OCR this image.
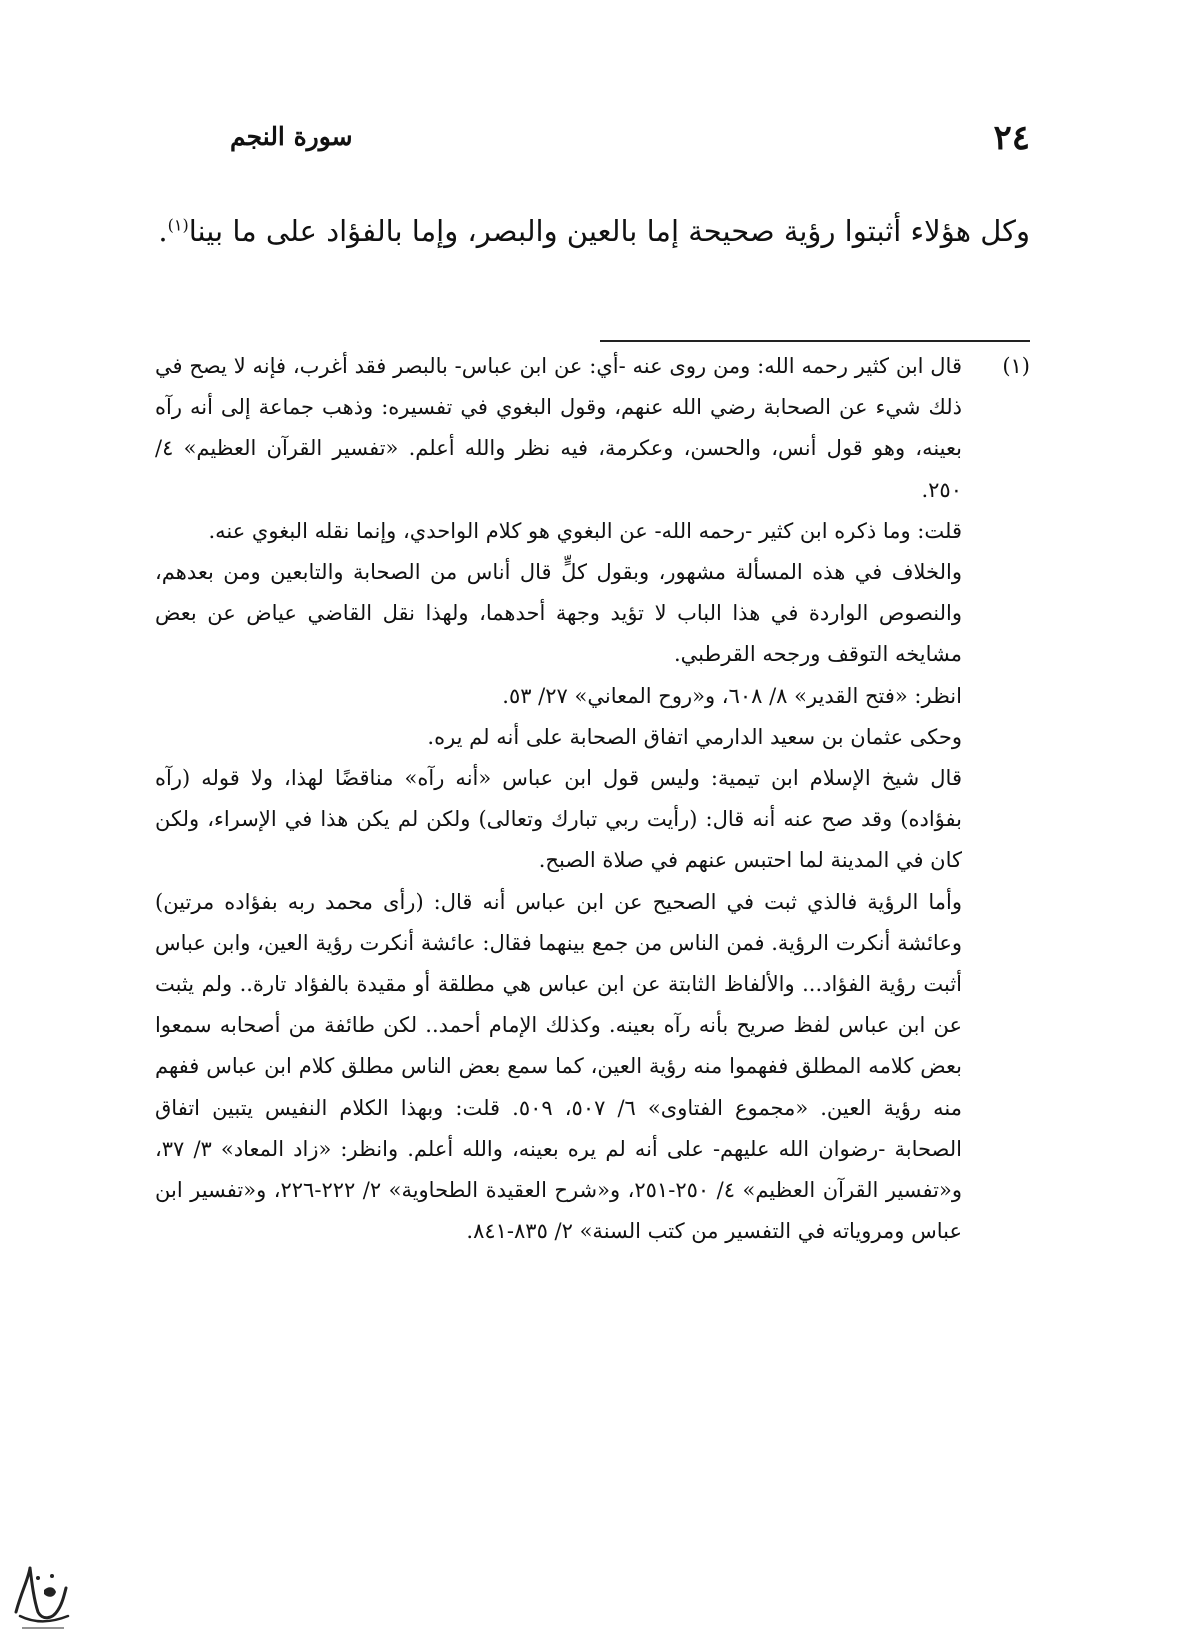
٢٤
سورة النجم

وكل هؤلاء أثبتوا رؤية صحيحة إما بالعين والبصر، وإما بالفؤاد على ما بينا$^{(١)}$.

(١)

قال ابن كثير رحمه الله: ومن روى عنه -أي: عن ابن عباس- بالبصر فقد أغرب، فإنه لا يصح في ذلك شيء عن الصحابة رضي الله عنهم، وقول البغوي في تفسيره: وذهب جماعة إلى أنه رآه بعينه، وهو قول أنس، والحسن، وعكرمة، فيه نظر والله أعلم. «تفسير القرآن العظيم» ٤/ ٢٥٠.

قلت: وما ذكره ابن كثير -رحمه الله- عن البغوي هو كلام الواحدي، وإنما نقله البغوي عنه.

والخلاف في هذه المسألة مشهور، وبقول كلٍّ قال أناس من الصحابة والتابعين ومن بعدهم، والنصوص الواردة في هذا الباب لا تؤيد وجهة أحدهما، ولهذا نقل القاضي عياض عن بعض مشايخه التوقف ورجحه القرطبي.

انظر: «فتح القدير» ٨/ ٦٠٨، و«روح المعاني» ٢٧/ ٥٣.

وحكى عثمان بن سعيد الدارمي اتفاق الصحابة على أنه لم يره.

قال شيخ الإسلام ابن تيمية: وليس قول ابن عباس «أنه رآه» مناقضًا لهذا، ولا قوله (رآه بفؤاده) وقد صح عنه أنه قال: (رأيت ربي تبارك وتعالى) ولكن لم يكن هذا في الإسراء، ولكن كان في المدينة لما احتبس عنهم في صلاة الصبح.

وأما الرؤية فالذي ثبت في الصحيح عن ابن عباس أنه قال: (رأى محمد ربه بفؤاده مرتين) وعائشة أنكرت الرؤية. فمن الناس من جمع بينهما فقال: عائشة أنكرت رؤية العين، وابن عباس أثبت رؤية الفؤاد... والألفاظ الثابتة عن ابن عباس هي مطلقة أو مقيدة بالفؤاد تارة.. ولم يثبت عن ابن عباس لفظ صريح بأنه رآه بعينه. وكذلك الإمام أحمد.. لكن طائفة من أصحابه سمعوا بعض كلامه المطلق ففهموا منه رؤية العين، كما سمع بعض الناس مطلق كلام ابن عباس ففهم منه رؤية العين. «مجموع الفتاوى» ٦/ ٥٠٧، ٥٠٩. قلت: وبهذا الكلام النفيس يتبين اتفاق الصحابة -رضوان الله عليهم- على أنه لم يره بعينه، والله أعلم. وانظر: «زاد المعاد» ٣/ ٣٧، و«تفسير القرآن العظيم» ٤/ ٢٥٠-٢٥١، و«شرح العقيدة الطحاوية» ٢/ ٢٢٢-٢٢٦، و«تفسير ابن عباس ومروياته في التفسير من كتب السنة» ٢/ ٨٣٥-٨٤١.
